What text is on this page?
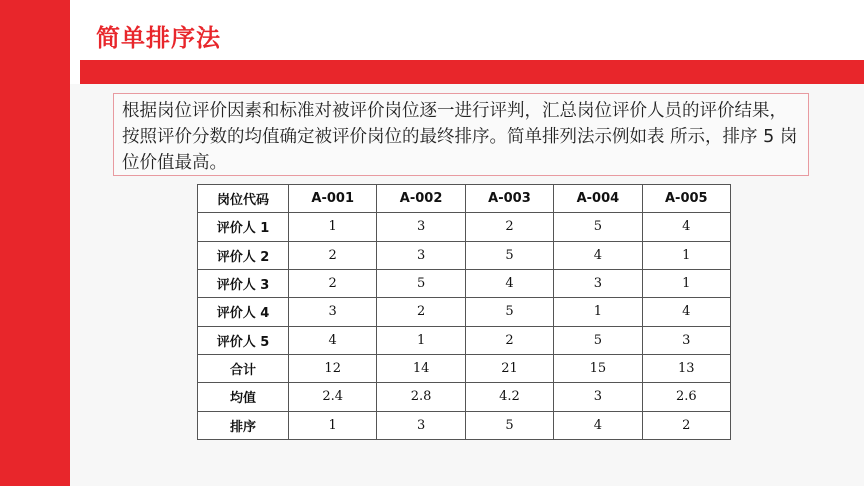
简单排序法
根据岗位评价因素和标准对被评价岗位逐一进行评判，汇总岗位评价人员的评价结果，按照评价分数的均值确定被评价岗位的最终排序。简单排列法示例如表 所示，排序 5 岗位价值最高。
岗位代码	A-001	A-002	A-003	A-004	A-005
评价人 1	1	3	2	5	4
评价人 2	2	3	5	4	1
评价人 3	2	5	4	3	1
评价人 4	3	2	5	1	4
评价人 5	4	1	2	5	3
合计	12	14	21	15	13
均值	2.4	2.8	4.2	3	2.6
排序	1	3	5	4	2
